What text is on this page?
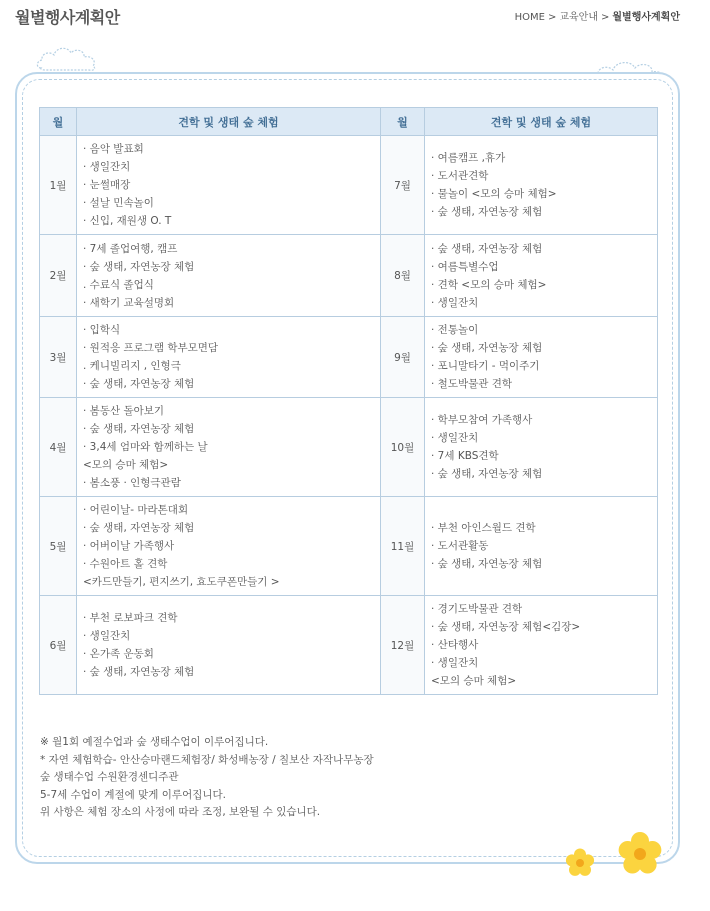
월별행사계획안	HOME > 교육안내 > 월별행사계획안
월	견학 및 생태 숲 체험	월	견학 및 생태 숲 체험
1월	· 음악 발표회
· 생일잔치
· 눈썰매장
· 설날 민속놀이
· 신입, 재원생 O. T	7월	· 여름캠프 ,휴가
· 도서관견학
· 물놀이 <모의 승마 체험>
· 숲 생태, 자연농장 체험

2월	· 7세 졸업여행, 캠프
· 숲 생태, 자연농장 체험
. 수료식 졸업식
· 새학기 교육설명회	8월	· 숲 생태, 자연농장 체험
· 여름특별수업
· 견학 <모의 승마 체험>
· 생일잔치

3월	· 입학식
· 원적응 프로그램 학부모면담
. 케니빌리지 , 인형극
· 숲 생태, 자연농장 체험	9월	· 전통놀이
· 숲 생태, 자연농장 체험
· 포니말타기 - 먹이주기
· 철도박물관 견학

4월	· 봄동산 돌아보기
· 숲 생태, 자연농장 체험
· 3,4세 엄마와 함께하는 날
<모의 승마 체험>
· 봄소풍 · 인형극관람	10월	· 학부모참여 가족행사
· 생일잔치
· 7세 KBS견학
· 숲 생태, 자연농장 체험

5월	· 어린이날- 마라톤대회
· 숲 생태, 자연농장 체험
· 어버이날 가족행사
· 수원아트 홀 견학
<카드만들기, 편지쓰기, 효도쿠폰만들기 >	11월	· 부천 아인스월드 견학
· 도서관활동
· 숲 생태, 자연농장 체험

6월	· 부천 로보파크 견학
· 생일잔치
· 온가족 운동회
· 숲 생태, 자연농장 체험	12월	· 경기도박물관 견학
· 숲 생태, 자연농장 체험<김장>
· 산타행사
· 생일잔치
<모의 승마 체험>
※ 월1회 예절수업과 숲 생태수업이 이루어집니다.
* 자연 체험학습- 안산승마랜드체험장/ 화성배농장 / 칠보산 자작나무농장
숲 생태수업 수원환경센디주관
5-7세 수업이 계절에 맞게 이루어집니다.
위 사항은 체험 장소의 사정에 따라 조정, 보완될 수 있습니다.
